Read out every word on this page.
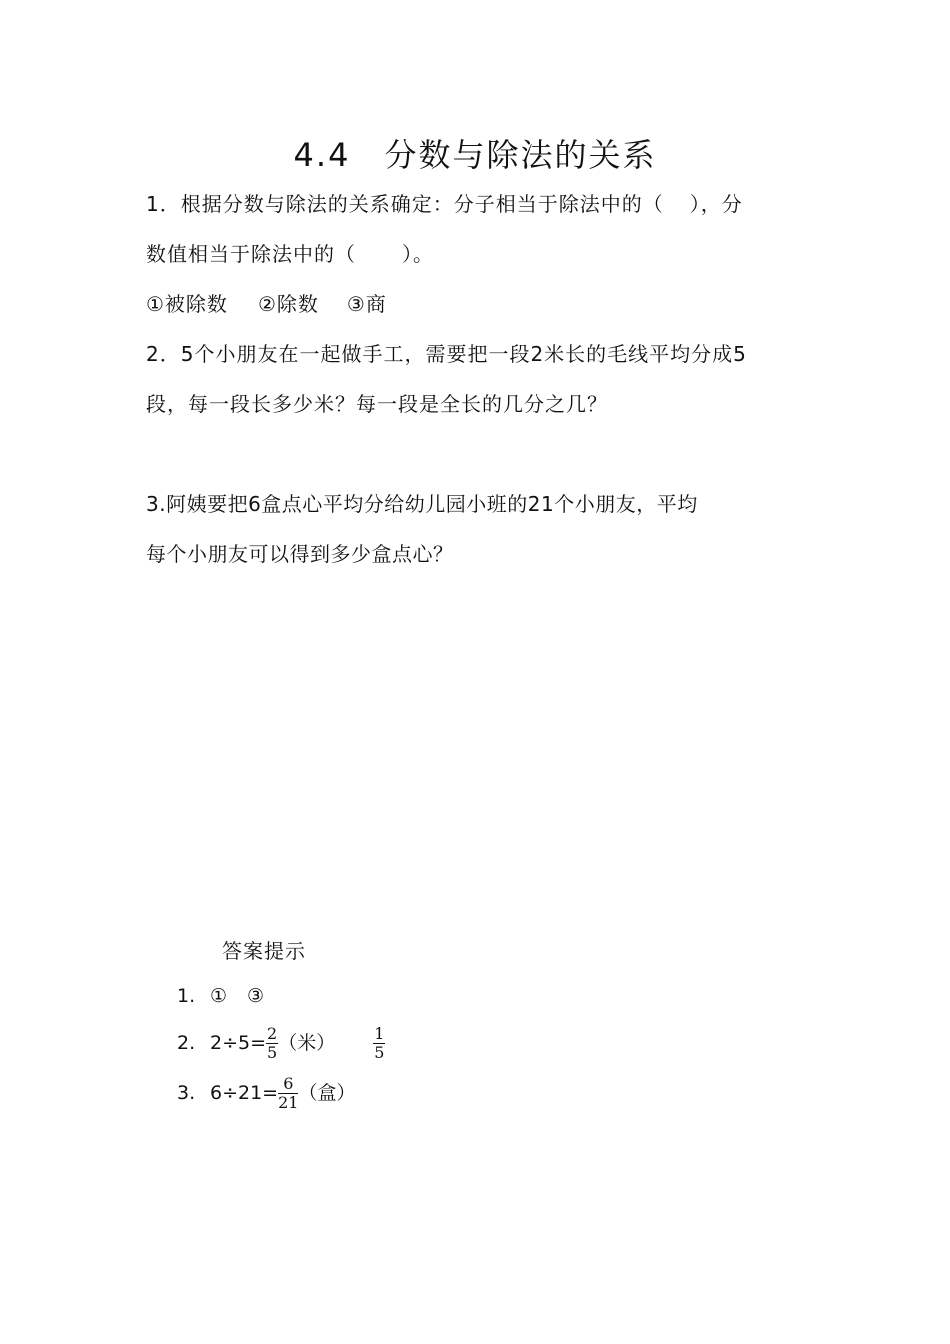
4.4　分数与除法的关系
1．根据分数与除法的关系确定：分子相当于除法中的（ ），分
数值相当于除法中的（ ）。
①被除数 ②除数 ③商
2．5个小朋友在一起做手工，需要把一段2米长的毛线平均分成5
段，每一段长多少米？每一段是全长的几分之几？
3.阿姨要把6盒点心平均分给幼儿园小班的21个小朋友，平均
每个小朋友可以得到多少盒点心？
答案提示
1. ① ③
2. $2\div 5= \frac{2}{5}$ （米） $\frac{1}{5}$
3. $6\div 21= \frac{6}{21}$ （盒）
